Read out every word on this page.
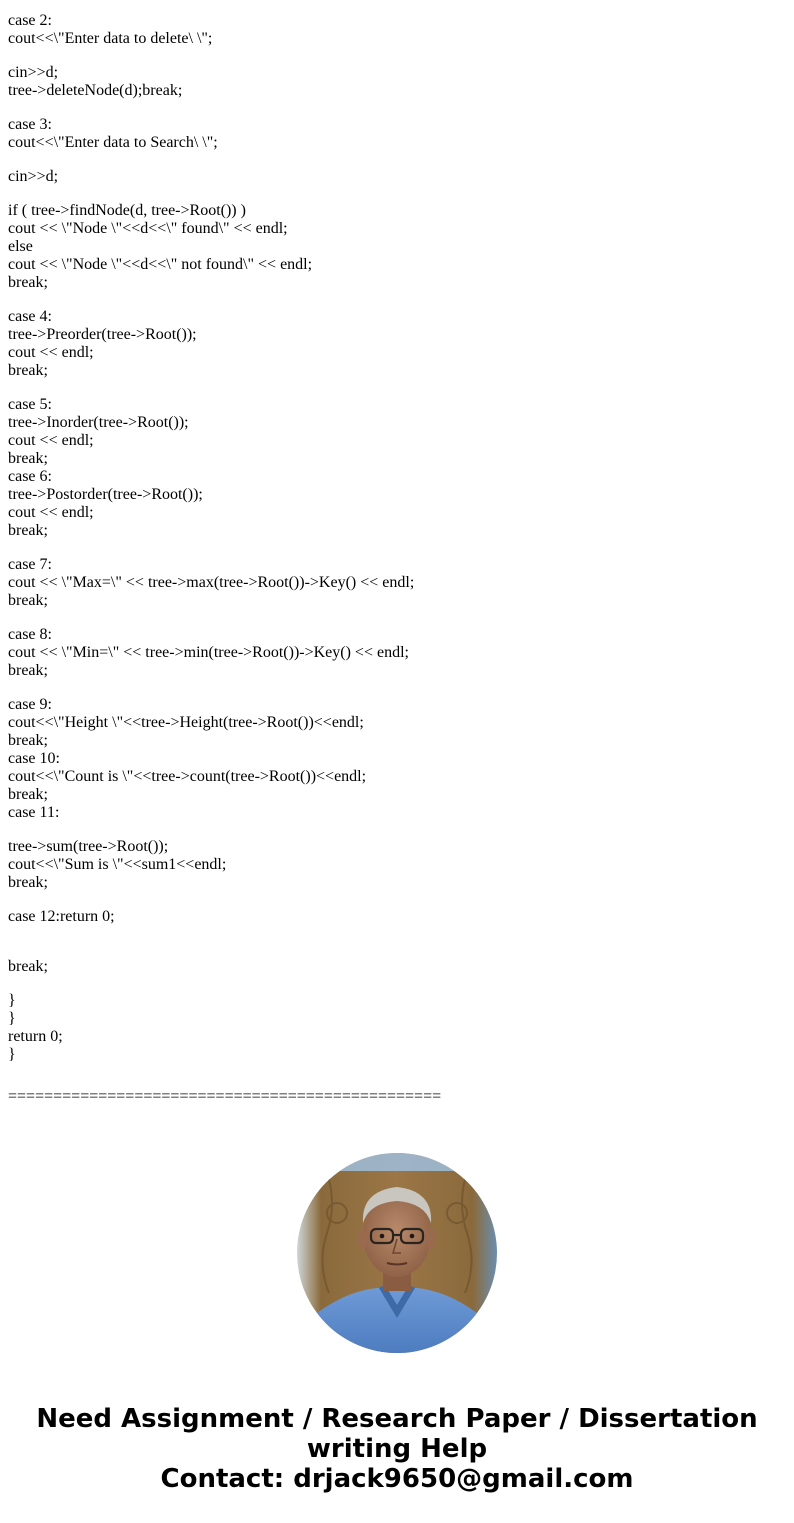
case 2:
cout<<\"Enter data to delete\ \";
cin>>d;
tree->deleteNode(d);break;
case 3:
cout<<\"Enter data to Search\ \";
cin>>d;
if ( tree->findNode(d, tree->Root()) )
cout << \"Node \"<<d<<\" found\" << endl;
else
cout << \"Node \"<<d<<\" not found\" << endl;
break;
case 4:
tree->Preorder(tree->Root());
cout << endl;
break;
case 5:
tree->Inorder(tree->Root());
cout << endl;
break;
case 6:
tree->Postorder(tree->Root());
cout << endl;
break;
case 7:
cout << \"Max=\" << tree->max(tree->Root())->Key() << endl;
break;
case 8:
cout << \"Min=\" << tree->min(tree->Root())->Key() << endl;
break;
case 9:
cout<<\"Height \"<<tree->Height(tree->Root())<<endl;
break;
case 10:
cout<<\"Count is \"<<tree->count(tree->Root())<<endl;
break;
case 11:
tree->sum(tree->Root());
cout<<\"Sum is \"<<sum1<<endl;
break;
case 12:return 0;
break;
}
}
return 0;
}
================================================
Need Assignment / Research Paper / Dissertation
writing Help
Contact: drjack9650@gmail.com
